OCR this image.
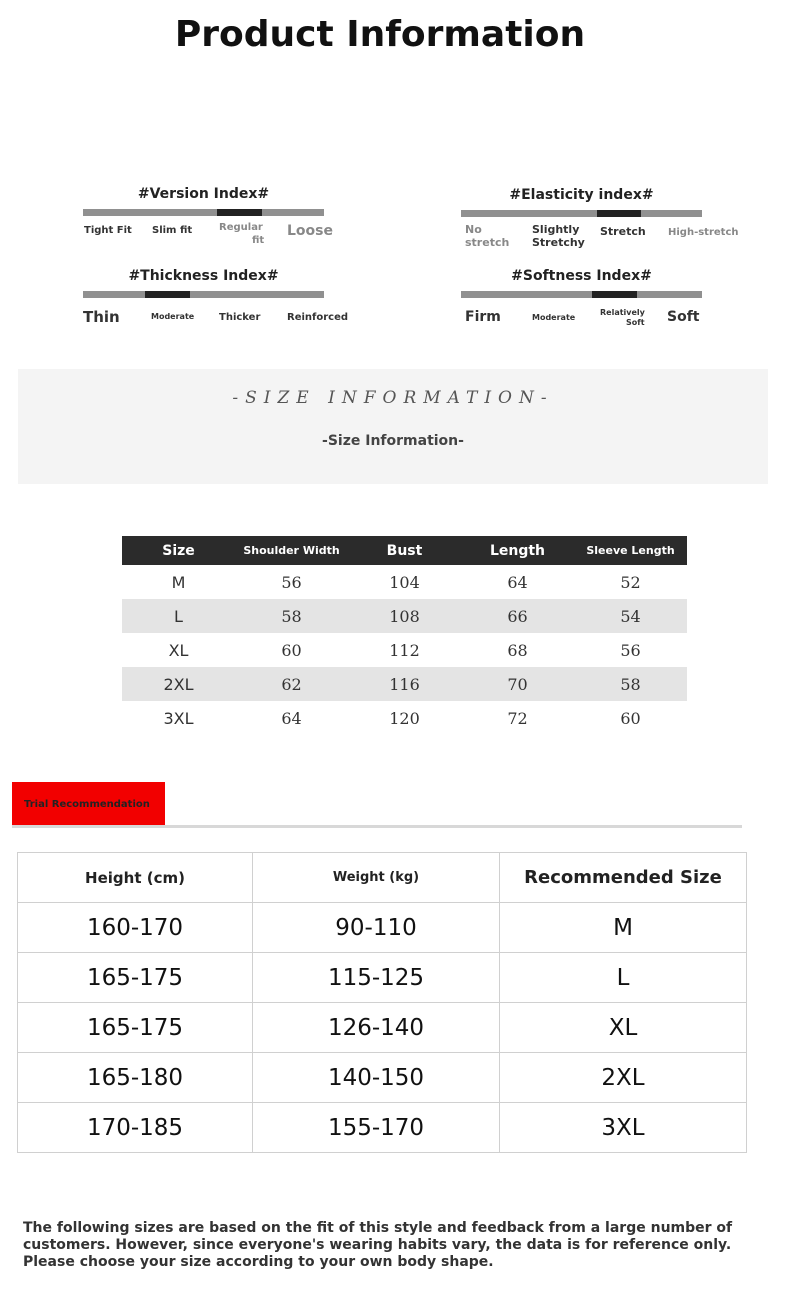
Product Information
#Version Index#
Tight Fit Slim fit	Regular
fit
Loose
#Elasticity index#
No
stretch
Slightly
Stretchy
Stretch High-stretch
#Thickness Index#
Thin	Moderate Thicker	Reinforced
#Softness Index#
Firm	Moderate
Relatively
Soft Soft
-SIZE INFORMATION-
-Size Information-
Size	Shoulder Width	Bust	Length	Sleeve Length
M	56	104	64	52
L	58	108	66	54
XL	60	112	68	56
2XL	62	116	70	58
3XL	64	120	72	60
Trial Recommendation
Height (cm)	Weight (kg)	Recommended Size
160-170	90-110	M
165-175	115-125	L
165-175	126-140	XL
165-180	140-150	2XL
170-185	155-170	3XL
The following sizes are based on the fit of this style and feedback from a large number of customers. However, since everyone's wearing habits vary, the data is for reference only. Please choose your size according to your own body shape.
